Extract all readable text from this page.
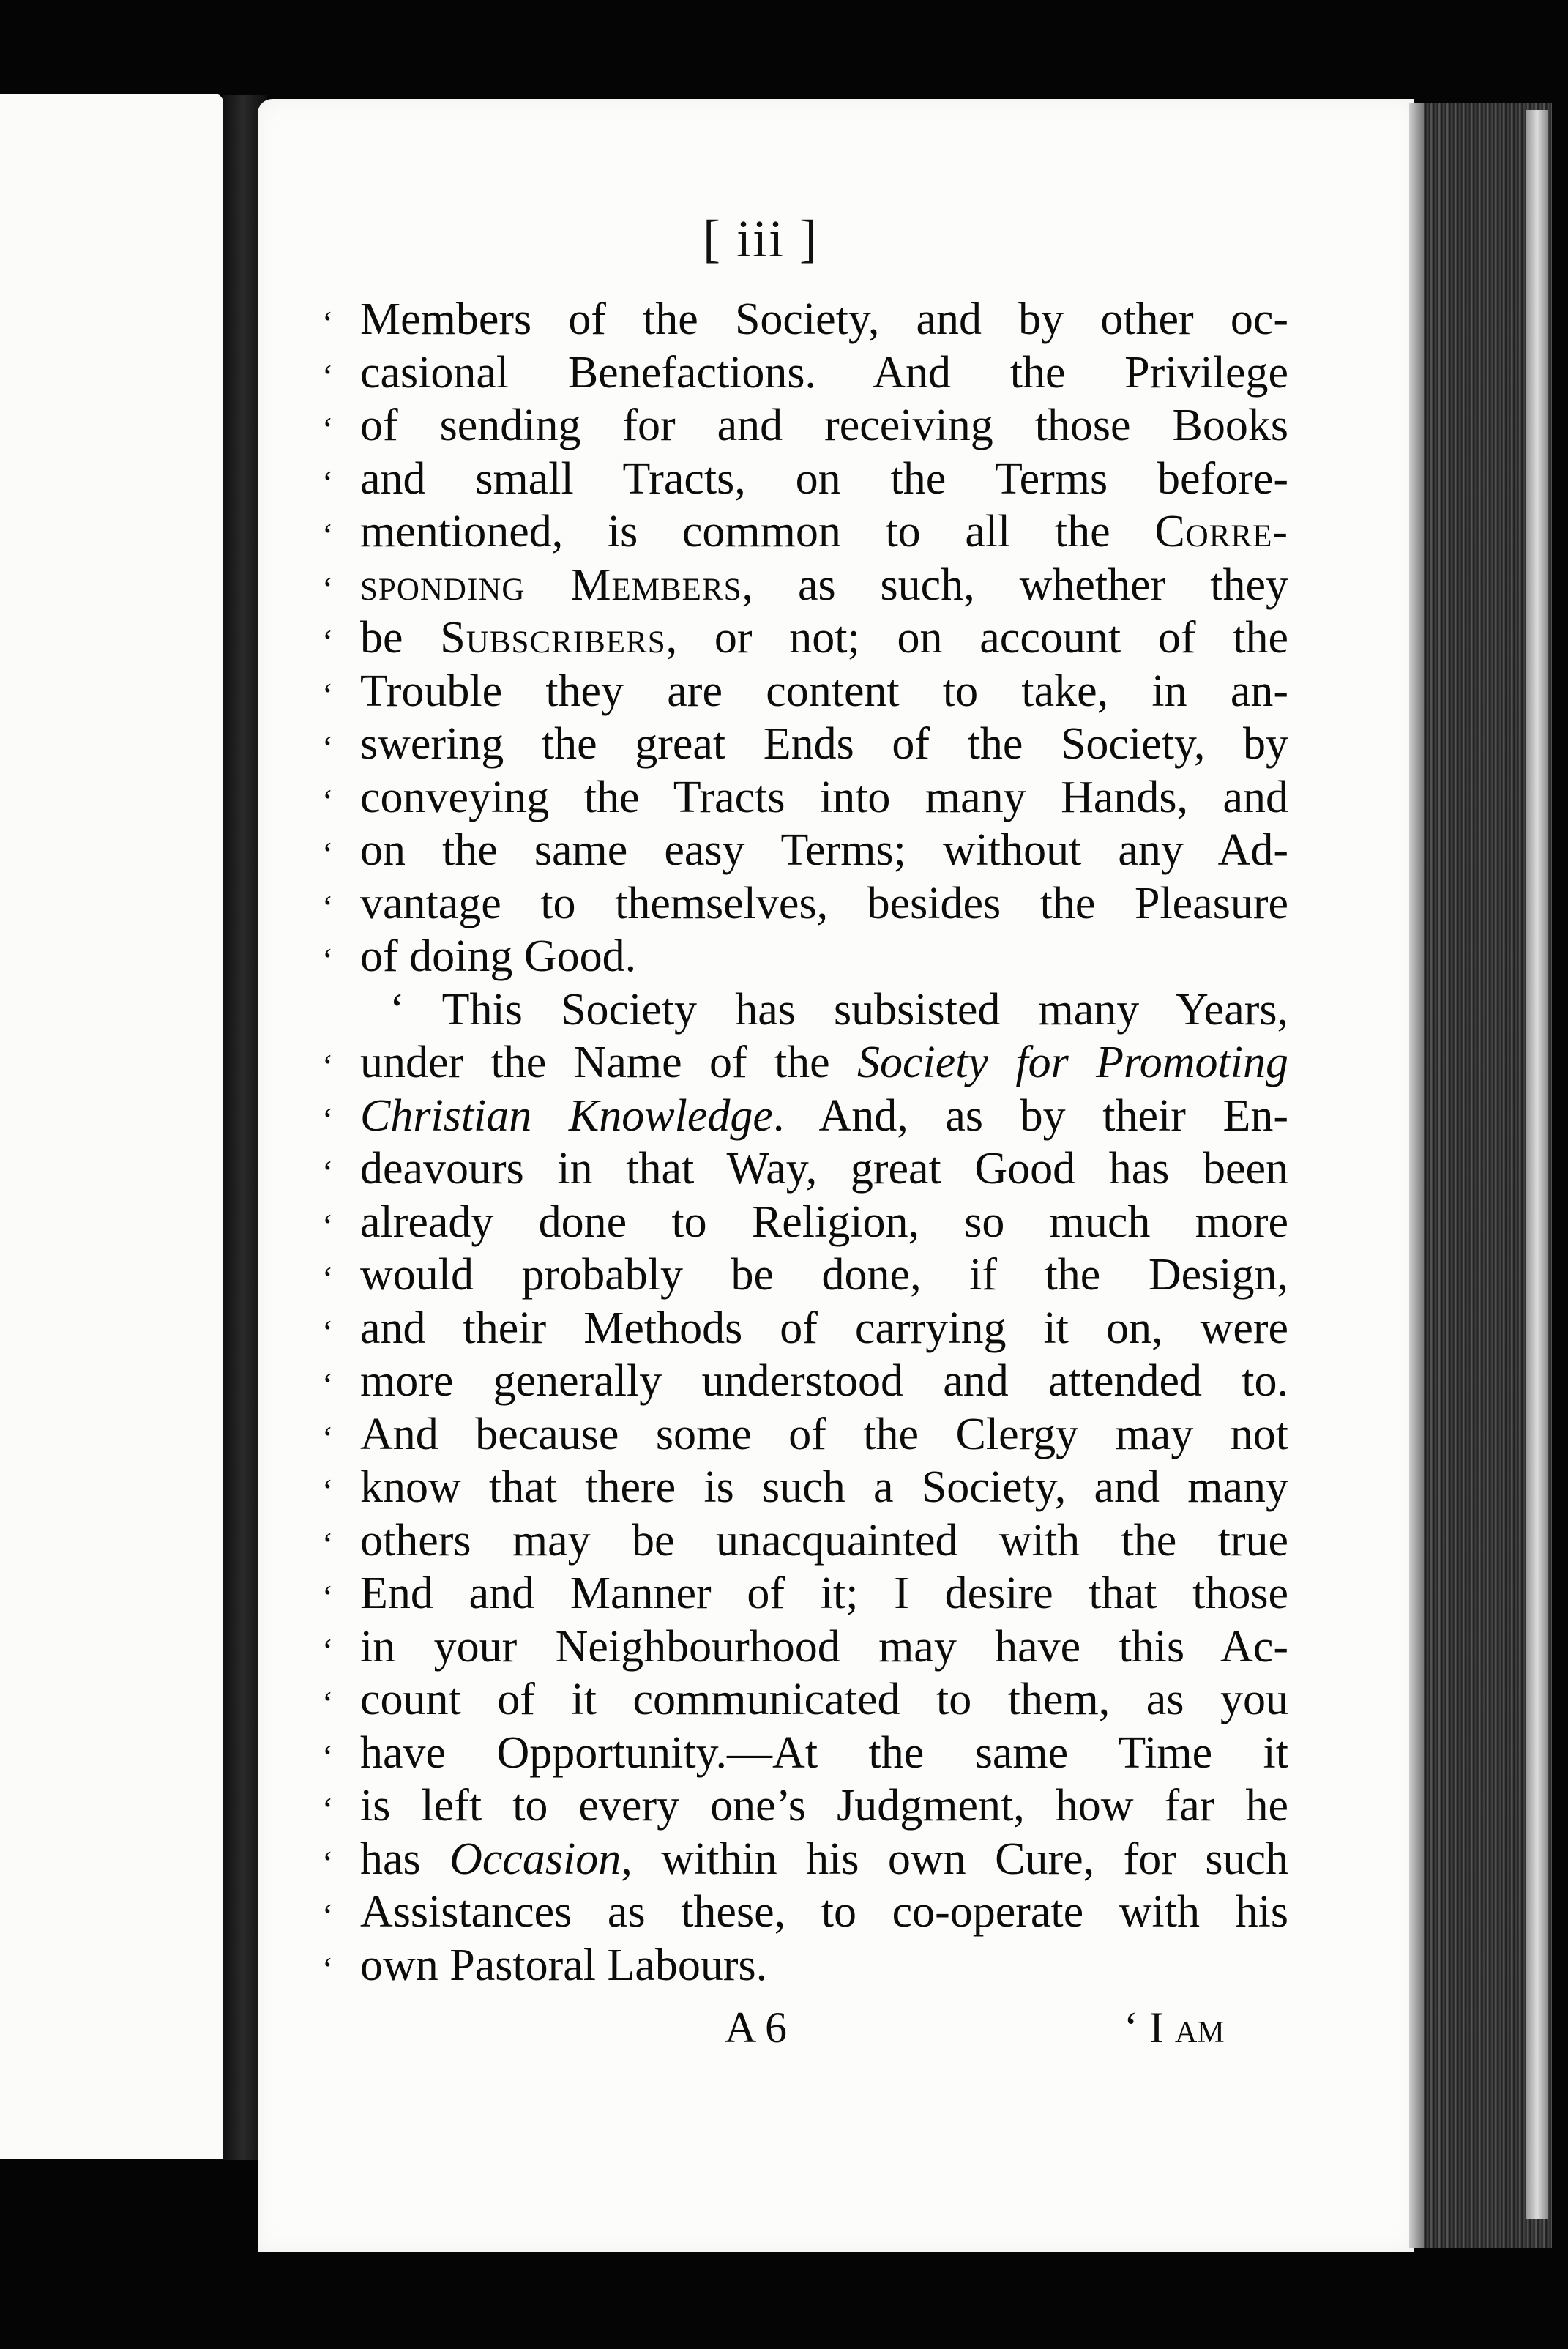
[ iii ]
‘ Members of the Society, and by other oc-
‘ casional Benefactions. And the Privilege
‘ of sending for and receiving those Books
‘ and small Tracts, on the Terms before-
‘ mentioned, is common to all the Corre-
‘ sponding Members, as such, whether they
‘ be Subscribers, or not; on account of the
‘ Trouble they are content to take, in an-
‘ swering the great Ends of the Society, by
‘ conveying the Tracts into many Hands, and
‘ on the same easy Terms; without any Ad-
‘ vantage to themselves, besides the Pleasure
‘ of doing Good.
‘ This Society has subsisted many Years,
‘ under the Name of the Society for Promoting
‘ Christian Knowledge. And, as by their En-
‘ deavours in that Way, great Good has been
‘ already done to Religion, so much more
‘ would probably be done, if the Design,
‘ and their Methods of carrying it on, were
‘ more generally understood and attended to.
‘ And because some of the Clergy may not
‘ know that there is such a Society, and many
‘ others may be unacquainted with the true
‘ End and Manner of it; I desire that those
‘ in your Neighbourhood may have this Ac-
‘ count of it communicated to them, as you
‘ have Opportunity.—At the same Time it
‘ is left to every one’s Judgment, how far he
‘ has Occasion, within his own Cure, for such
‘ Assistances as these, to co-operate with his
‘ own Pastoral Labours.
A 6	‘ I am
